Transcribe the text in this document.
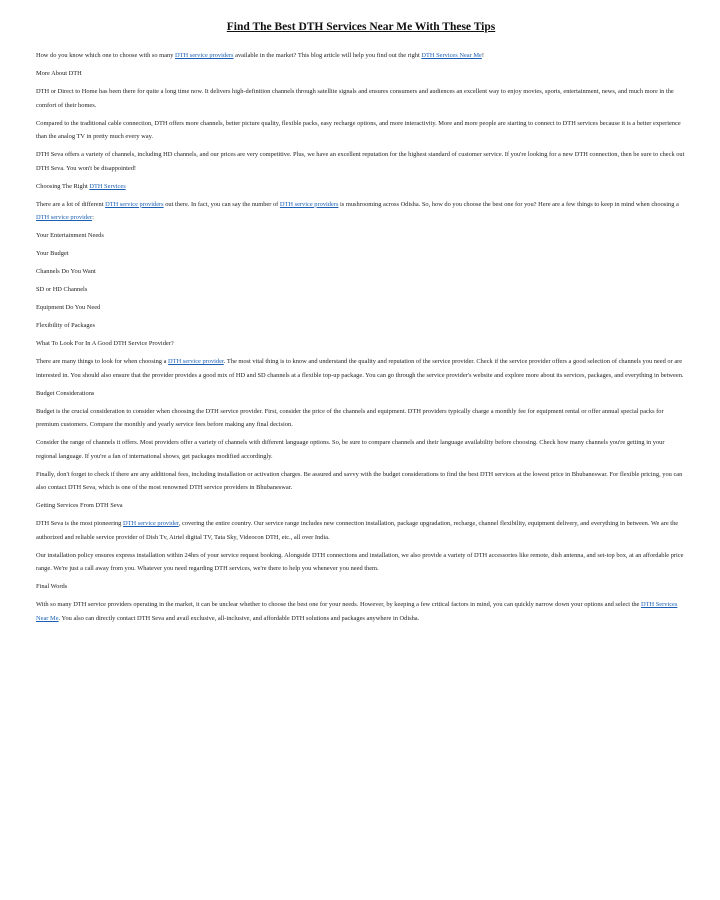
Find The Best DTH Services Near Me With These Tips

How do you know which one to choose with so many DTH service providers available in the market? This blog article will help you find out the right DTH Services Near Me!

More About DTH

DTH or Direct to Home has been there for quite a long time now. It delivers high-definition channels through satellite signals and ensures consumers and audiences an excellent way to enjoy movies, sports, entertainment, news, and much more in the comfort of their homes.

Compared to the traditional cable connection, DTH offers more channels, better picture quality, flexible packs, easy recharge options, and more interactivity. More and more people are starting to connect to DTH services because it is a better experience than the analog TV in pretty much every way.

DTH Seva offers a variety of channels, including HD channels, and our prices are very competitive. Plus, we have an excellent reputation for the highest standard of customer service. If you're looking for a new DTH connection, then be sure to check out DTH Seva. You won't be disappointed!

Choosing The Right DTH Services

There are a lot of different DTH service providers out there. In fact, you can say the number of DTH service providers is mushrooming across Odisha. So, how do you choose the best one for you? Here are a few things to keep in mind when choosing a DTH service provider:

Your Entertainment Needs

Your Budget

Channels Do You Want

SD or HD Channels

Equipment Do You Need

Flexibility of Packages

What To Look For In A Good DTH Service Provider?

There are many things to look for when choosing a DTH service provider. The most vital thing is to know and understand the quality and reputation of the service provider. Check if the service provider offers a good selection of channels you need or are interested in. You should also ensure that the provider provides a good mix of HD and SD channels at a flexible top-up package. You can go through the service provider's website and explore more about its services, packages, and everything in between.

Budget Considerations

Budget is the crucial consideration to consider when choosing the DTH service provider. First, consider the price of the channels and equipment. DTH providers typically charge a monthly fee for equipment rental or offer annual special packs for premium customers. Compare the monthly and yearly service fees before making any final decision.

Consider the range of channels it offers. Most providers offer a variety of channels with different language options. So, be sure to compare channels and their language availability before choosing. Check how many channels you're getting in your regional language. If you're a fan of international shows, get packages modified accordingly.

Finally, don't forget to check if there are any additional fees, including installation or activation charges. Be assured and savvy with the budget considerations to find the best DTH services at the lowest price in Bhubaneswar. For flexible pricing, you can also contact DTH Seva, which is one of the most renowned DTH service providers in Bhubaneswar.

Getting Services From DTH Seva

DTH Seva is the most pioneering DTH service provider, covering the entire country. Our service range includes new connection installation, package upgradation, recharge, channel flexibility, equipment delivery, and everything in between. We are the authorized and reliable service provider of Dish Tv, Airtel digital TV, Tata Sky, Videocon DTH, etc., all over India.

Our installation policy ensures express installation within 24hrs of your service request booking. Alongside DTH connections and installation, we also provide a variety of DTH accessories like remote, dish antenna, and set-top box, at an affordable price range. We're just a call away from you. Whatever you need regarding DTH services, we're there to help you whenever you need them.

Final Words

With so many DTH service providers operating in the market, it can be unclear whether to choose the best one for your needs. However, by keeping a few critical factors in mind, you can quickly narrow down your options and select the DTH Services Near Me. You also can directly contact DTH Seva and avail exclusive, all-inclusive, and affordable DTH solutions and packages anywhere in Odisha.
